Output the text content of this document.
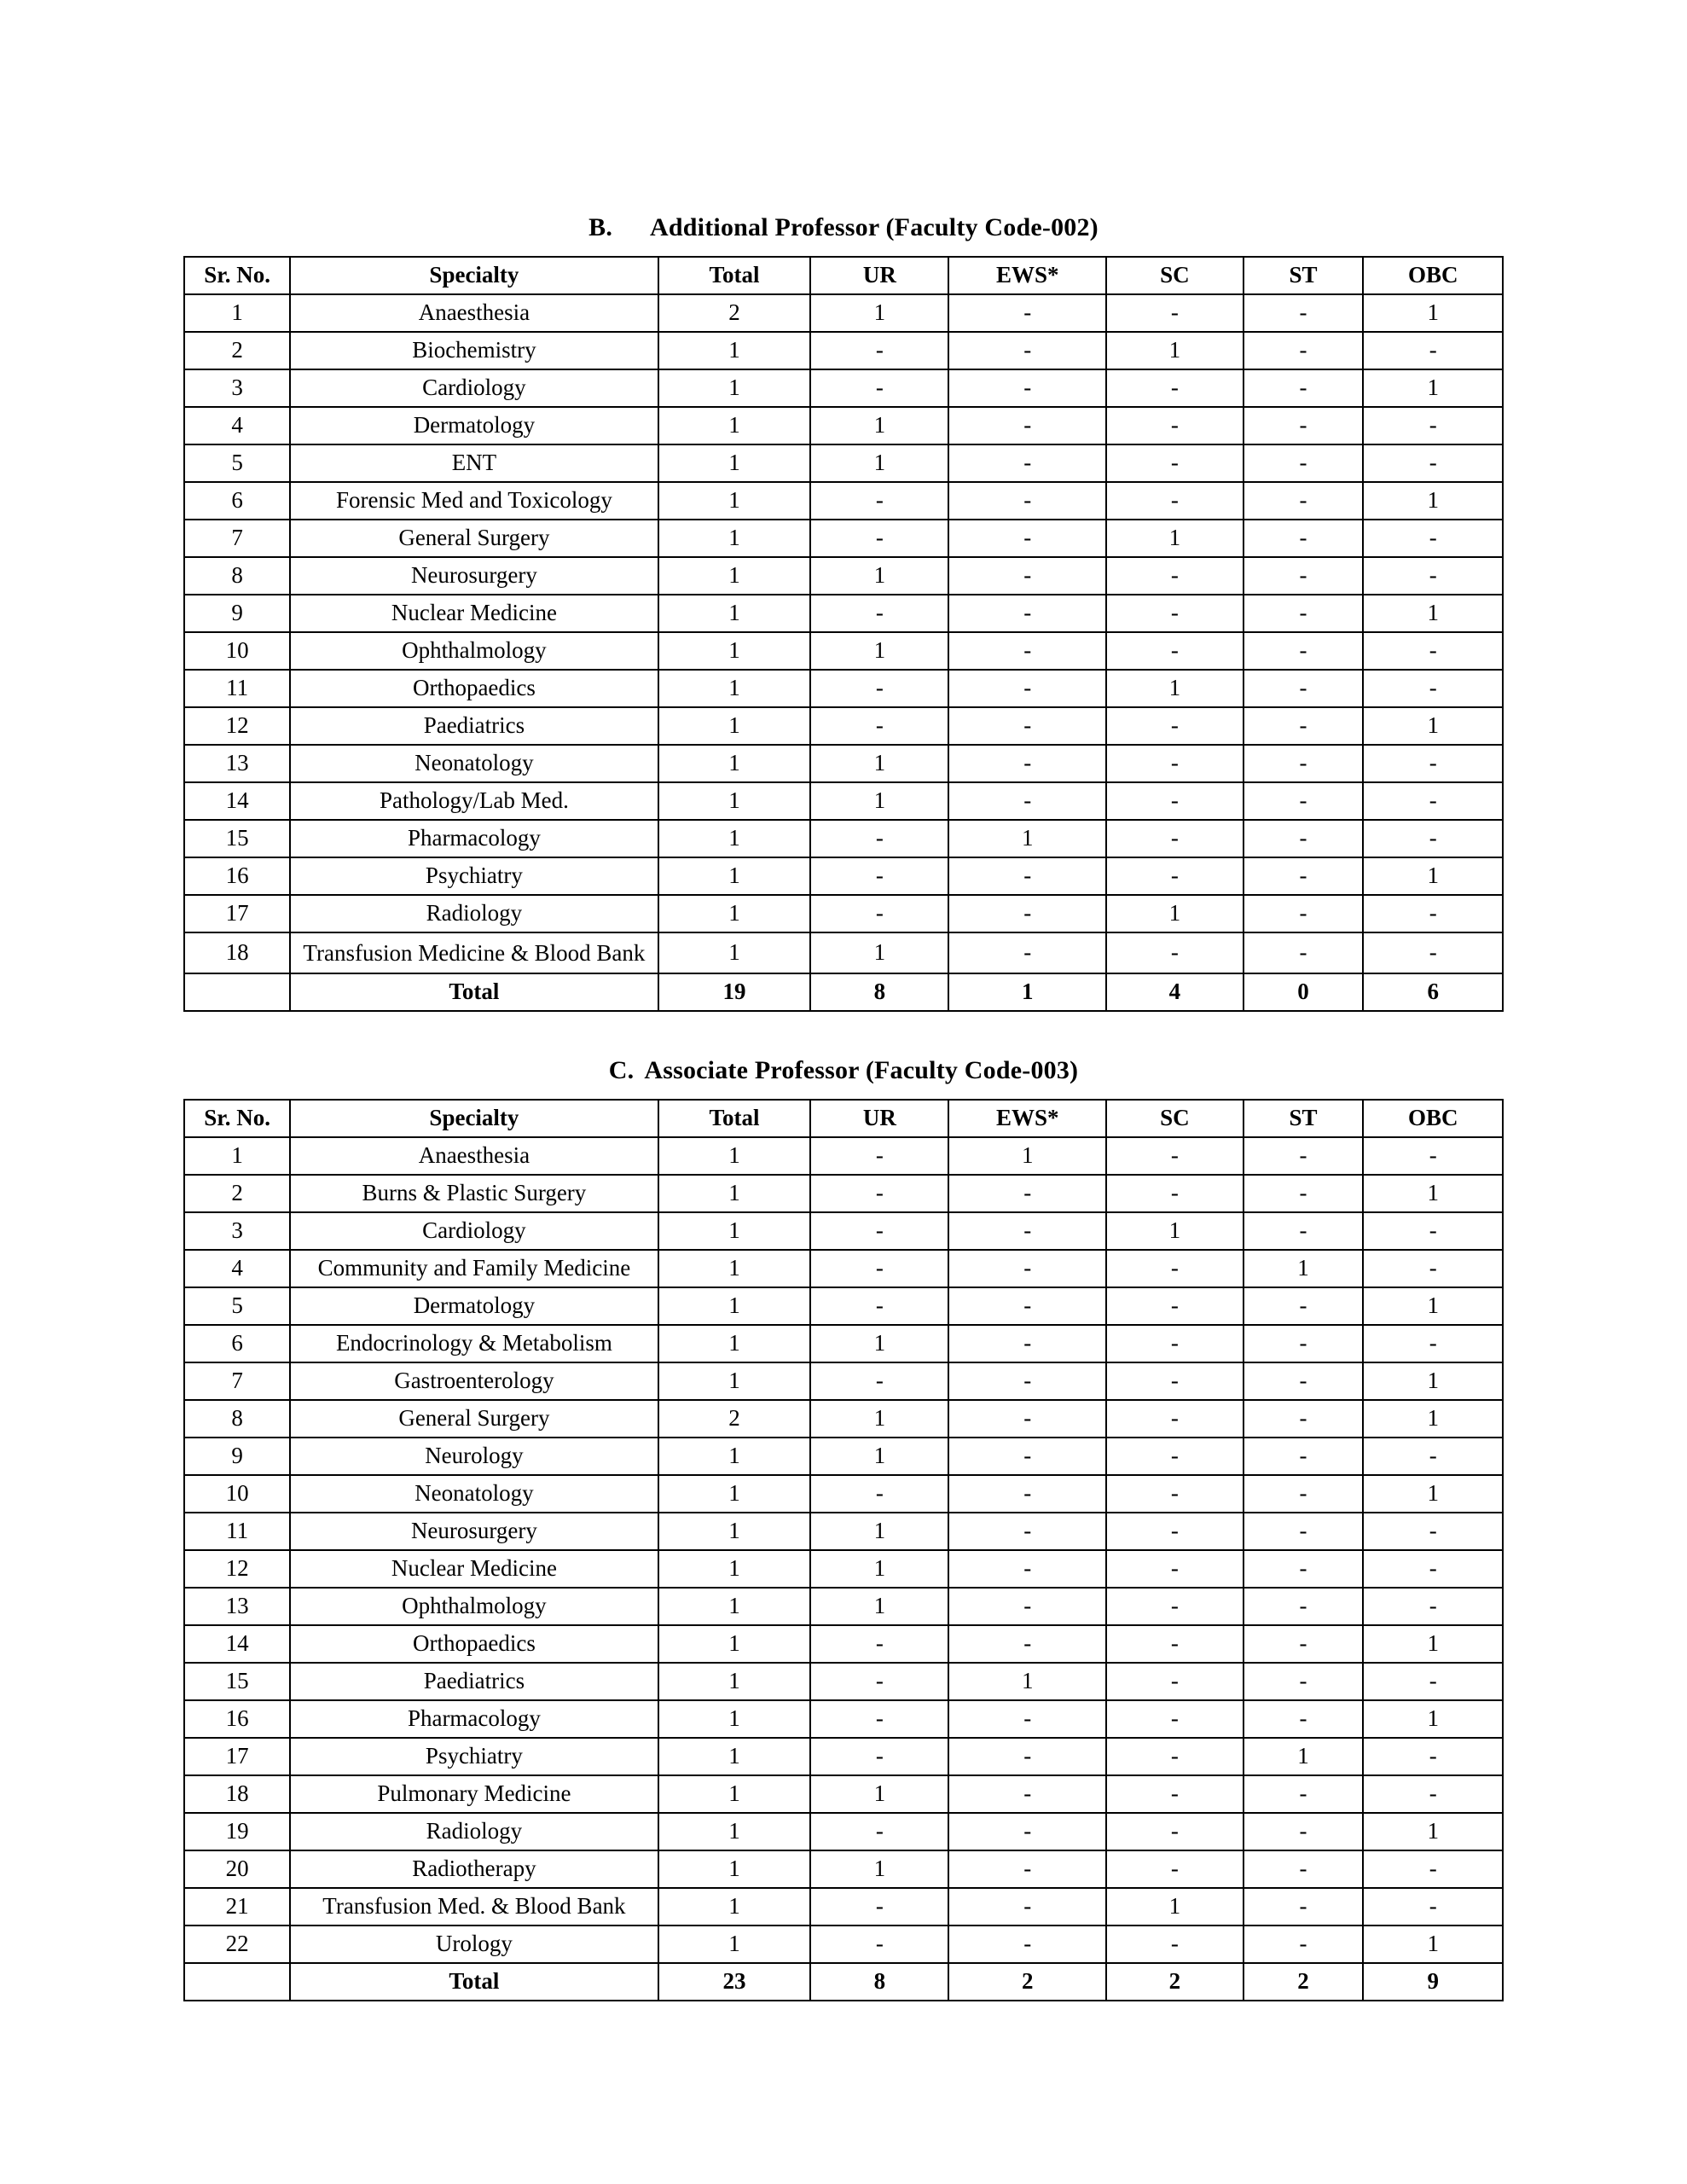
B. Additional Professor (Faculty Code-002)
Sr. No.	Specialty	Total	UR	EWS*	SC	ST	OBC
1	Anaesthesia	2	1	-	-	-	1
2	Biochemistry	1	-	-	1	-	-
3	Cardiology	1	-	-	-	-	1
4	Dermatology	1	1	-	-	-	-
5	ENT	1	1	-	-	-	-
6	Forensic Med and Toxicology	1	-	-	-	-	1
7	General Surgery	1	-	-	1	-	-
8	Neurosurgery	1	1	-	-	-	-
9	Nuclear Medicine	1	-	-	-	-	1
10	Ophthalmology	1	1	-	-	-	-
11	Orthopaedics	1	-	-	1	-	-
12	Paediatrics	1	-	-	-	-	1
13	Neonatology	1	1	-	-	-	-
14	Pathology/Lab Med.	1	1	-	-	-	-
15	Pharmacology	1	-	1	-	-	-
16	Psychiatry	1	-	-	-	-	1
17	Radiology	1	-	-	1	-	-
18	Transfusion Medicine & Blood Bank	1	1	-	-	-	-
	Total	19	8	1	4	0	6
C. Associate Professor (Faculty Code-003)
Sr. No.	Specialty	Total	UR	EWS*	SC	ST	OBC
1	Anaesthesia	1	-	1	-	-	-
2	Burns & Plastic Surgery	1	-	-	-	-	1
3	Cardiology	1	-	-	1	-	-
4	Community and Family Medicine	1	-	-	-	1	-
5	Dermatology	1	-	-	-	-	1
6	Endocrinology & Metabolism	1	1	-	-	-	-
7	Gastroenterology	1	-	-	-	-	1
8	General Surgery	2	1	-	-	-	1
9	Neurology	1	1	-	-	-	-
10	Neonatology	1	-	-	-	-	1
11	Neurosurgery	1	1	-	-	-	-
12	Nuclear Medicine	1	1	-	-	-	-
13	Ophthalmology	1	1	-	-	-	-
14	Orthopaedics	1	-	-	-	-	1
15	Paediatrics	1	-	1	-	-	-
16	Pharmacology	1	-	-	-	-	1
17	Psychiatry	1	-	-	-	1	-
18	Pulmonary Medicine	1	1	-	-	-	-
19	Radiology	1	-	-	-	-	1
20	Radiotherapy	1	1	-	-	-	-
21	Transfusion Med. & Blood Bank	1	-	-	1	-	-
22	Urology	1	-	-	-	-	1
	Total	23	8	2	2	2	9
